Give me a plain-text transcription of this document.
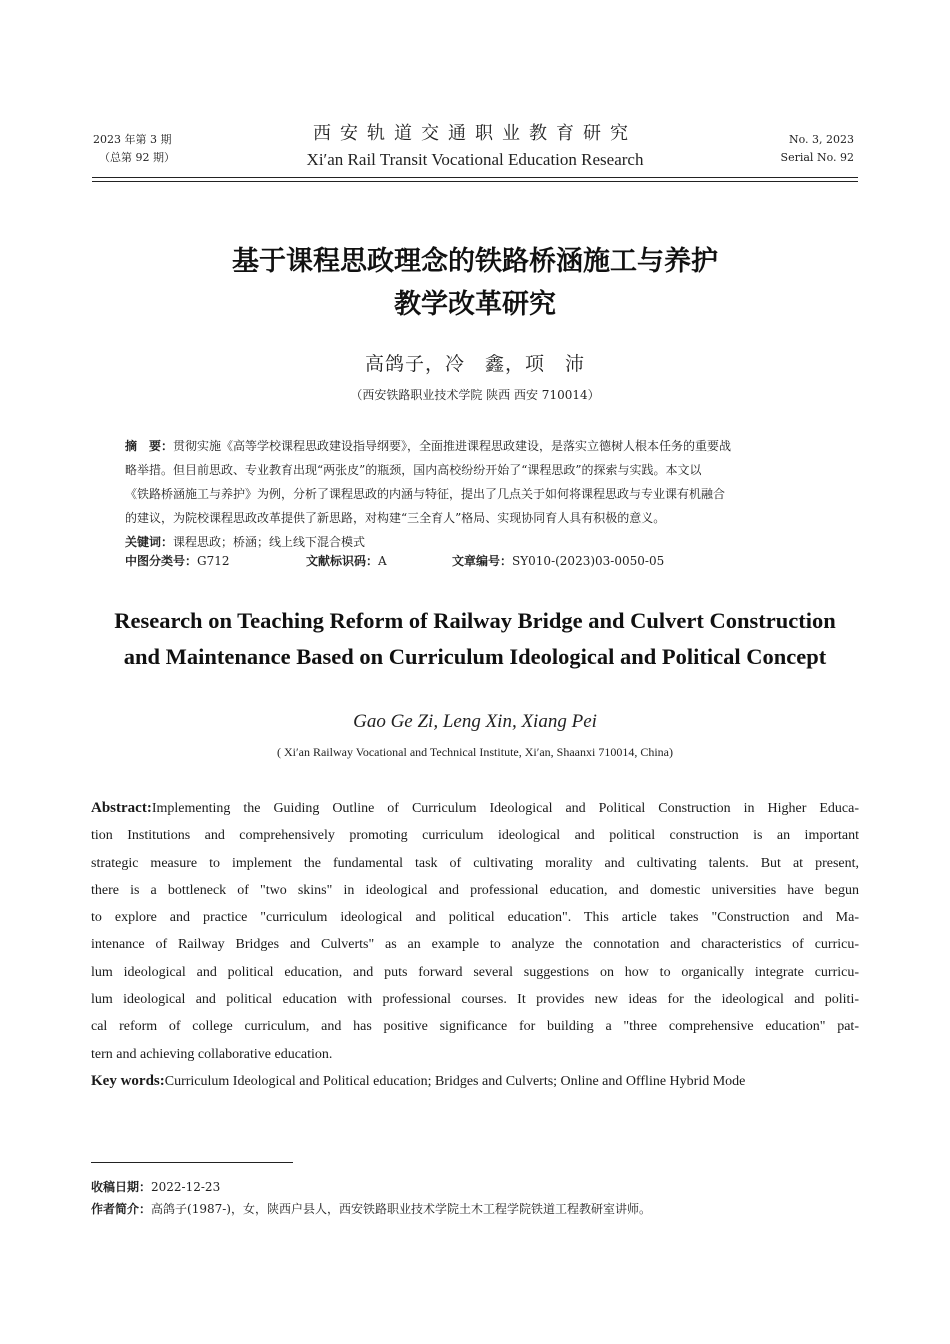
2023 年第 3 期
（总第 92 期）
西安轨道交通职业教育研究
Xi′an Rail Transit Vocational Education Research
No. 3, 2023
Serial No. 92
基于课程思政理念的铁路桥涵施工与养护
教学改革研究
高鸽子，冷　鑫，项　沛
（西安铁路职业技术学院 陕西 西安 710014）
摘　要：贯彻实施《高等学校课程思政建设指导纲要》，全面推进课程思政建设，是落实立德树人根本任务的重要战
略举措。但目前思政、专业教育出现“两张皮”的瓶颈，国内高校纷纷开始了“课程思政”的探索与实践。本文以
《铁路桥涵施工与养护》为例，分析了课程思政的内涵与特征，提出了几点关于如何将课程思政与专业课有机融合
的建议，为院校课程思政改革提供了新思路，对构建“三全育人”格局、实现协同育人具有积极的意义。
关键词：课程思政；桥涵；线上线下混合模式
中图分类号：G712	文献标识码：A	文章编号：SY010-(2023)03-0050-05
Research on Teaching Reform of Railway Bridge and Culvert Construction
and Maintenance Based on Curriculum Ideological and Political Concept
Gao Ge Zi, Leng Xin, Xiang Pei
( Xi′an Railway Vocational and Technical Institute, Xi′an, Shaanxi 710014, China)
Abstract:Implementing the Guiding Outline of Curriculum Ideological and Political Construction in Higher Educa-
tion Institutions and comprehensively promoting curriculum ideological and political construction is an important
strategic measure to implement the fundamental task of cultivating morality and cultivating talents. But at present,
there is a bottleneck of "two skins" in ideological and professional education, and domestic universities have begun
to explore and practice "curriculum ideological and political education". This article takes "Construction and Ma-
intenance of Railway Bridges and Culverts" as an example to analyze the connotation and characteristics of curricu-
lum ideological and political education, and puts forward several suggestions on how to organically integrate curricu-
lum ideological and political education with professional courses. It provides new ideas for the ideological and politi-
cal reform of college curriculum, and has positive significance for building a "three comprehensive education" pat-
tern and achieving collaborative education.
Key words:Curriculum Ideological and Political education; Bridges and Culverts; Online and Offline Hybrid Mode
收稿日期：2022-12-23
作者简介：高鸽子(1987-)，女，陕西户县人，西安铁路职业技术学院土木工程学院铁道工程教研室讲师。
